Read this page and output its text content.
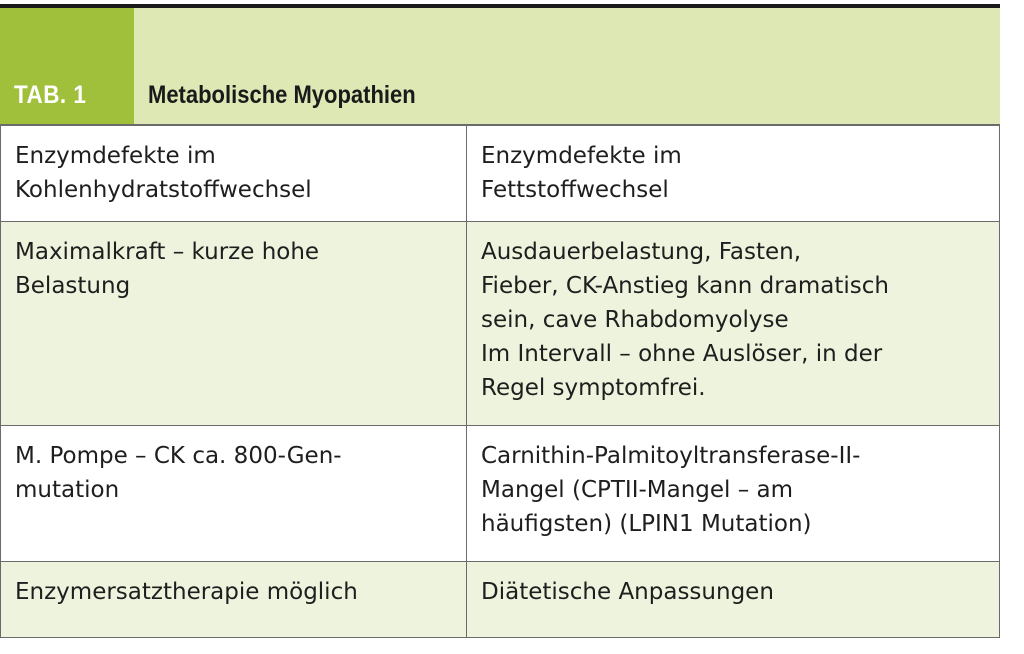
TAB. 1 Metabolische Myopathien
Enzymdefekte im
Kohlenhydratstoffwechsel	Enzymdefekte im
Fettstoffwechsel

Maximalkraft – kurze hohe
Belastung	Ausdauerbelastung, Fasten,
Fieber, CK-Anstieg kann dramatisch
sein, cave Rhabdomyolyse
Im Intervall – ohne Auslöser, in der
Regel symptomfrei.

M. Pompe – CK ca. 800-Gen-
mutation	Carnithin-Palmitoyltransferase-II-
Mangel (CPTII-Mangel – am
häufigsten) (LPIN1 Mutation)

Enzymersatztherapie möglich	Diätetische Anpassungen
